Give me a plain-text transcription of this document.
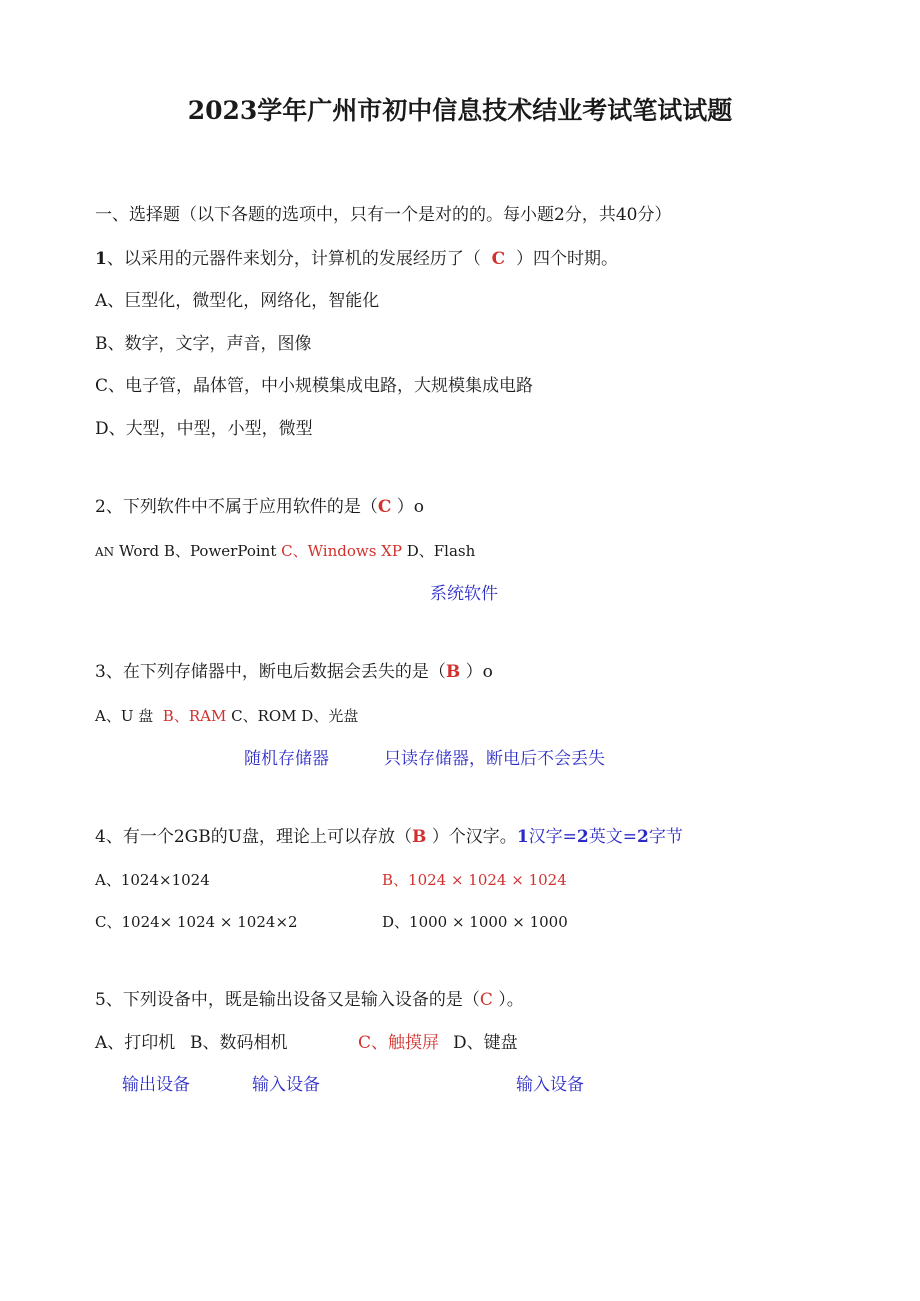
2023学年广州市初中信息技术结业考试笔试试题
一、选择题（以下各题的选项中，只有一个是对的的。每小题2分，共40分）
1、以采用的元器件来划分，计算机的发展经历了（ C ）四个时期。
A、巨型化，微型化，网络化，智能化
B、数字，文字，声音，图像
C、电子管，晶体管，中小规模集成电路，大规模集成电路
D、大型，中型，小型，微型
2、下列软件中不属于应用软件的是（C ）o
AN Word B、PowerPoint C、Windows XP D、Flash
系统软件
3、在下列存储器中，断电后数据会丢失的是（B ）o
A、U 盘 B、RAM C、ROM D、光盘
随机存储器	只读存储器，断电后不会丢失
4、有一个2GB的U盘，理论上可以存放（B ）个汉字。1汉字=2英文=2字节
A、1024×1024	B、1024 × 1024 × 1024
C、1024× 1024 × 1024×2	D、1000 × 1000 × 1000
5、下列设备中，既是输出设备又是输入设备的是（C ）。
A、打印机 B、数码相机	C、触摸屏 D、键盘
输出设备	输入设备	输入设备
